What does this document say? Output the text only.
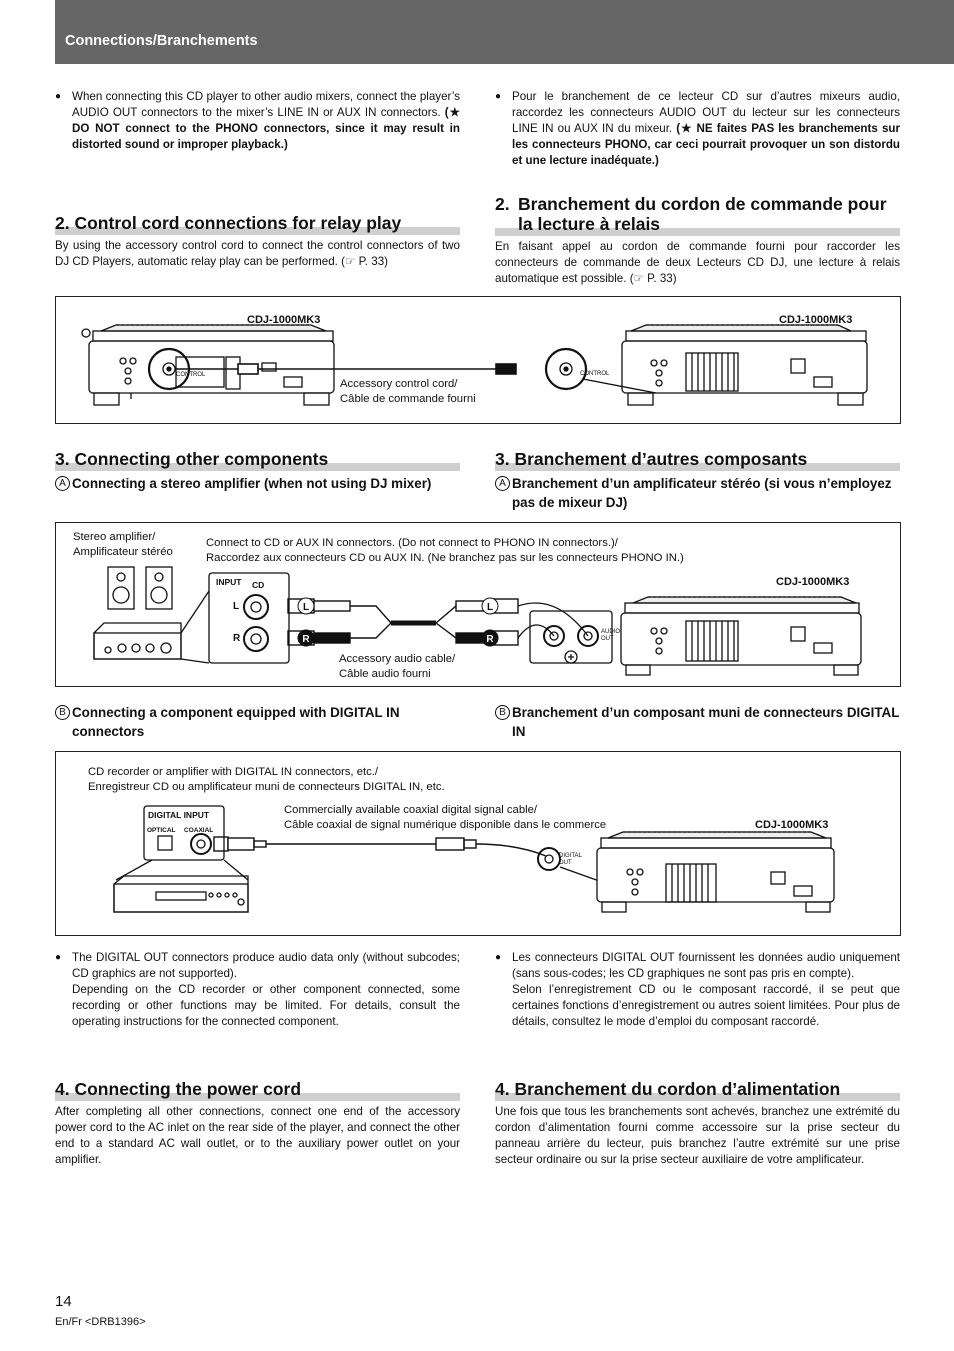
Connections/Branchements

● When connecting this CD player to other audio mixers, connect the player’s AUDIO OUT connectors to the mixer’s LINE IN or AUX IN connectors. (★ DO NOT connect to the PHONO connectors, since it may result in distorted sound or improper playback.)

● Pour le branchement de ce lecteur CD sur d’autres mixeurs audio, raccordez les connecteurs AUDIO OUT du lecteur sur les connecteurs LINE IN ou AUX IN du mixeur. (★ NE faites PAS les branchements sur les connecteurs PHONO, car ceci pourrait provoquer un son distordu et une lecture inadéquate.)

2. Control cord connections for relay play

By using the accessory control cord to connect the control connectors of two DJ CD Players, automatic relay play can be performed. (☞ P. 33)

2. Branchement du cordon de commande pour la lecture à relais

En faisant appel au cordon de commande fourni pour raccorder les connecteurs de commande de deux Lecteurs CD DJ, une lecture à relais automatique est possible. (☞ P. 33)

CDJ-1000MK3	CDJ-1000MK3
CONTROL	CONTROL
Accessory control cord/
Câble de commande fourni
3. Connecting other components
A Connecting a stereo amplifier (when not using DJ mixer)
3. Branchement d’autres composants
A Branchement d’un amplificateur stéréo (si vous n’employez pas de mixeur DJ)
L
R
L
R
Stereo amplifier/
Amplificateur stéréo
Connect to CD or AUX IN connectors. (Do not connect to PHONO IN connectors.)/
Raccordez aux connecteurs CD ou AUX IN. (Ne branchez pas sur les connecteurs PHONO IN.)
CDJ-1000MK3
INPUT CD
L
R
AUDIO OUT
Accessory audio cable/
Câble audio fourni
B Connecting a component equipped with DIGITAL IN connectors
B Branchement d’un composant muni de connecteurs DIGITAL IN
CD recorder or amplifier with DIGITAL IN connectors, etc./
Enregistreur CD ou amplificateur muni de connecteurs DIGITAL IN, etc.
DIGITAL INPUT
OPTICAL COAXIAL
Commercially available coaxial digital signal cable/
Câble coaxial de signal numérique disponible dans le commerce	CDJ-1000MK3
DIGITAL OUT

● The DIGITAL OUT connectors produce audio data only (without subcodes; CD graphics are not supported).

Depending on the CD recorder or other component connected, some recording or other functions may be limited. For details, consult the operating instructions for the connected component.

● Les connecteurs DIGITAL OUT fournissent les données audio uniquement (sans sous-codes; les CD graphiques ne sont pas pris en compte).

Selon l’enregistrement CD ou le composant raccordé, il se peut que certaines fonctions d’enregistrement ou autres soient limitées. Pour plus de détails, consultez le mode d’emploi du composant raccordé.

4. Connecting the power cord

After completing all other connections, connect one end of the accessory power cord to the AC inlet on the rear side of the player, and connect the other end to a standard AC wall outlet, or to the auxiliary power outlet on your amplifier.

4. Branchement du cordon d’alimentation

Une fois que tous les branchements sont achevés, branchez une extrémité du cordon d’alimentation fourni comme accessoire sur la prise secteur du panneau arrière du lecteur, puis branchez l’autre extrémité sur une prise secteur ordinaire ou sur la prise secteur auxiliaire de votre amplificateur.

14
En/Fr <DRB1396>
